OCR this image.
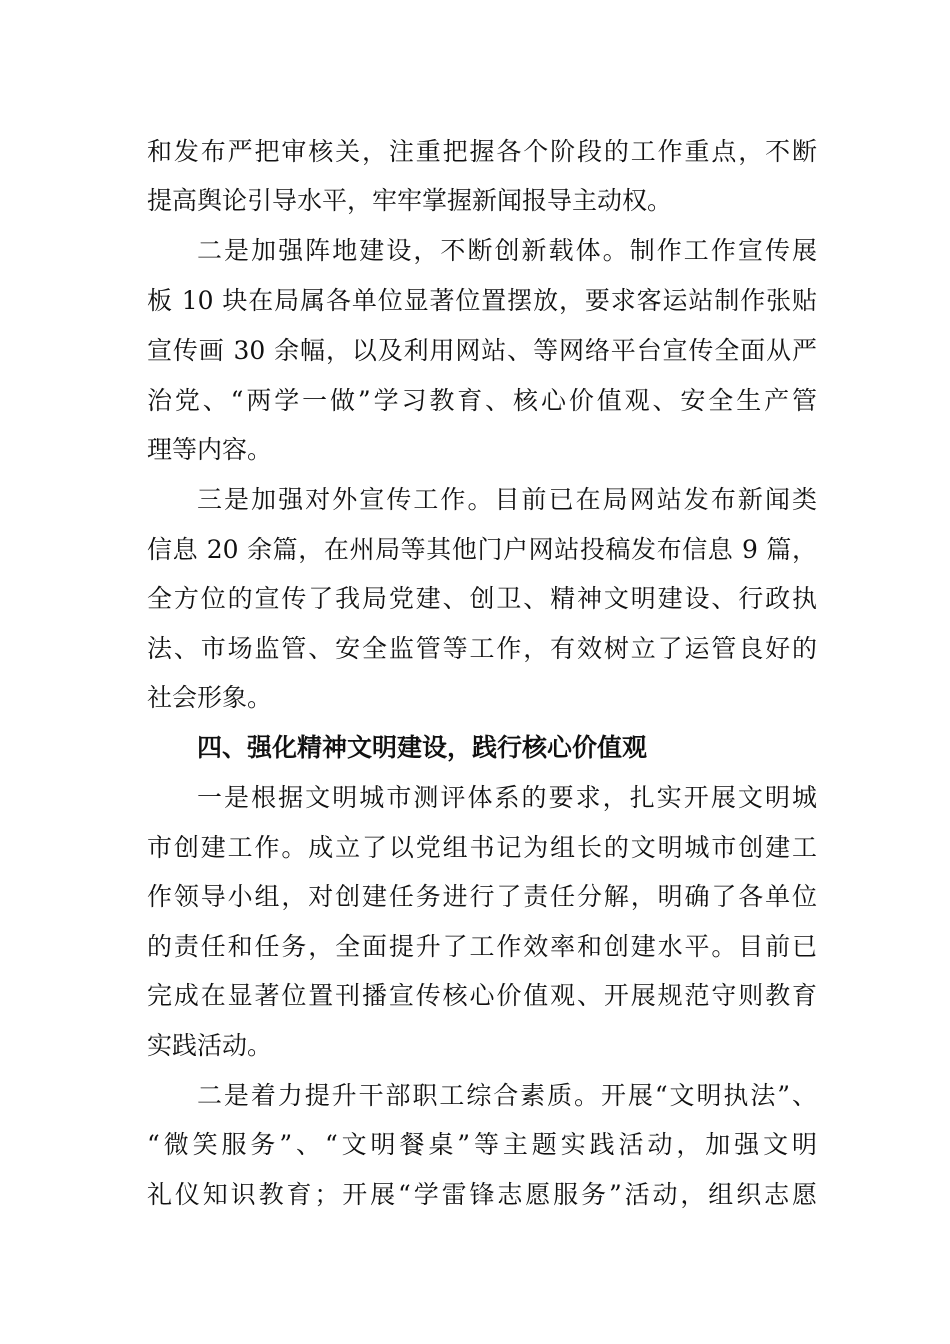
和发布严把审核关，注重把握各个阶段的工作重点，不断

提高舆论引导水平，牢牢掌握新闻报导主动权。

二是加强阵地建设，不断创新载体。制作工作宣传展

板 10 块在局属各单位显著位置摆放，要求客运站制作张贴

宣传画 30 余幅，以及利用网站、等网络平台宣传全面从严

治党、“两学一做”学习教育、核心价值观、安全生产管

理等内容。

三是加强对外宣传工作。目前已在局网站发布新闻类

信息 20 余篇，在州局等其他门户网站投稿发布信息 9 篇，

全方位的宣传了我局党建、创卫、精神文明建设、行政执

法、市场监管、安全监管等工作，有效树立了运管良好的

社会形象。

四、强化精神文明建设，践行核心价值观

一是根据文明城市测评体系的要求，扎实开展文明城

市创建工作。成立了以党组书记为组长的文明城市创建工

作领导小组，对创建任务进行了责任分解，明确了各单位

的责任和任务，全面提升了工作效率和创建水平。目前已

完成在显著位置刊播宣传核心价值观、开展规范守则教育

实践活动。

二是着力提升干部职工综合素质。开展“文明执法”、

“微笑服务”、“文明餐桌”等主题实践活动，加强文明

礼仪知识教育；开展“学雷锋志愿服务”活动，组织志愿
